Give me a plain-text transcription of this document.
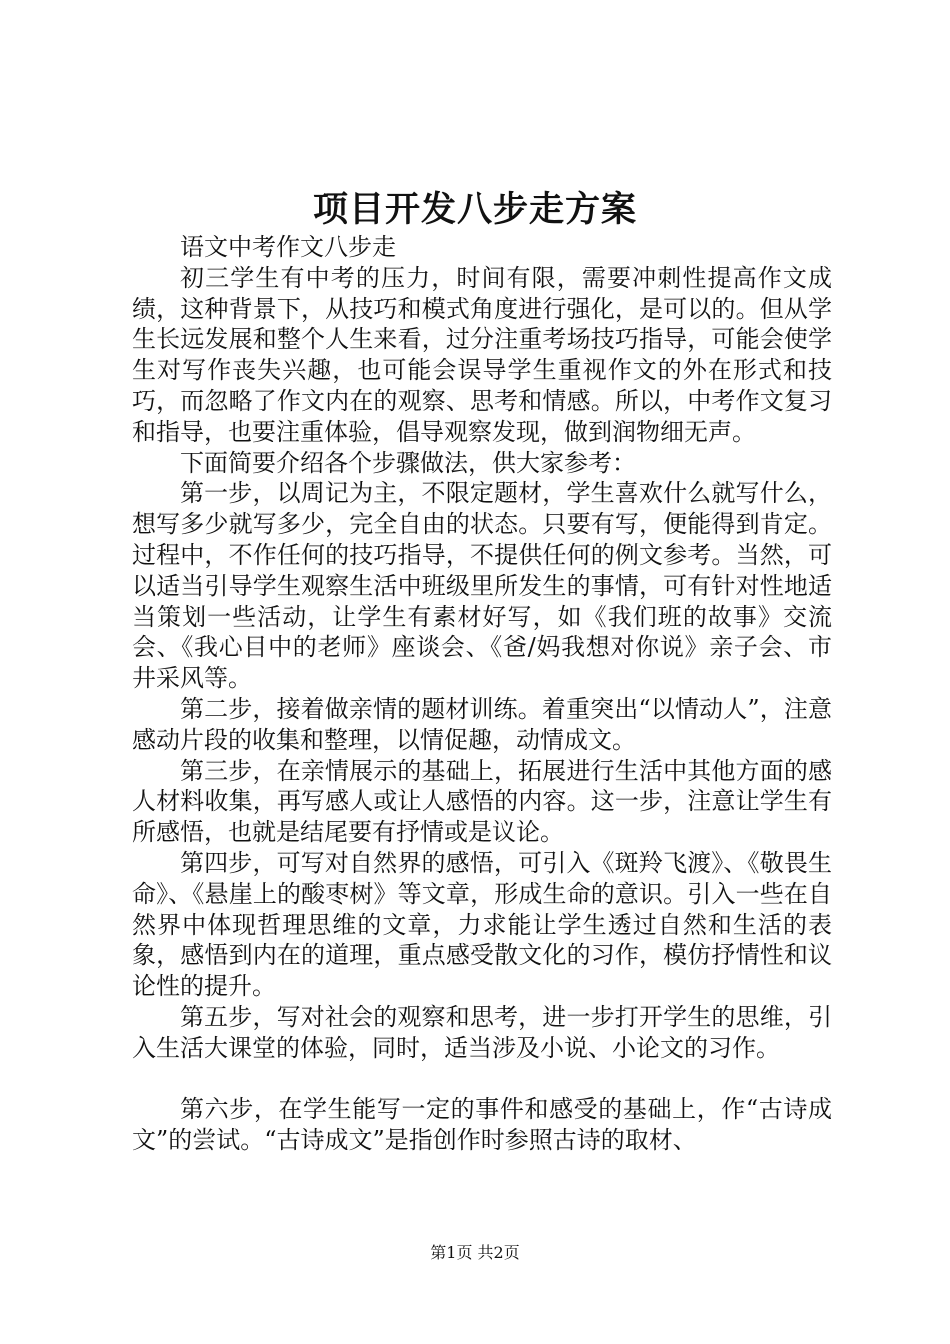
项目开发八步走方案

语文中考作文八步走

初三学生有中考的压力，时间有限，需要冲刺性提高作文成绩，这种背景下，从技巧和模式角度进行强化，是可以的。但从学生长远发展和整个人生来看，过分注重考场技巧指导，可能会使学生对写作丧失兴趣，也可能会误导学生重视作文的外在形式和技巧，而忽略了作文内在的观察、思考和情感。所以，中考作文复习和指导，也要注重体验，倡导观察发现，做到润物细无声。

下面简要介绍各个步骤做法，供大家参考：

第一步，以周记为主，不限定题材，学生喜欢什么就写什么，想写多少就写多少，完全自由的状态。只要有写，便能得到肯定。过程中，不作任何的技巧指导，不提供任何的例文参考。当然，可以适当引导学生观察生活中班级里所发生的事情，可有针对性地适当策划一些活动，让学生有素材好写，如《我们班的故事》交流会、《我心目中的老师》座谈会、《爸/妈我想对你说》亲子会、市井采风等。

第二步，接着做亲情的题材训练。着重突出“以情动人”，注意感动片段的收集和整理，以情促趣，动情成文。

第三步，在亲情展示的基础上，拓展进行生活中其他方面的感人材料收集，再写感人或让人感悟的内容。这一步，注意让学生有所感悟，也就是结尾要有抒情或是议论。

第四步，可写对自然界的感悟，可引入《斑羚飞渡》、《敬畏生命》、《悬崖上的酸枣树》等文章，形成生命的意识。引入一些在自然界中体现哲理思维的文章，力求能让学生透过自然和生活的表象，感悟到内在的道理，重点感受散文化的习作，模仿抒情性和议论性的提升。

第五步，写对社会的观察和思考，进一步打开学生的思维，引入生活大课堂的体验，同时，适当涉及小说、小论文的习作。

第六步，在学生能写一定的事件和感受的基础上，作“古诗成文”的尝试。“古诗成文”是指创作时参照古诗的取材、

第1页 共2页
